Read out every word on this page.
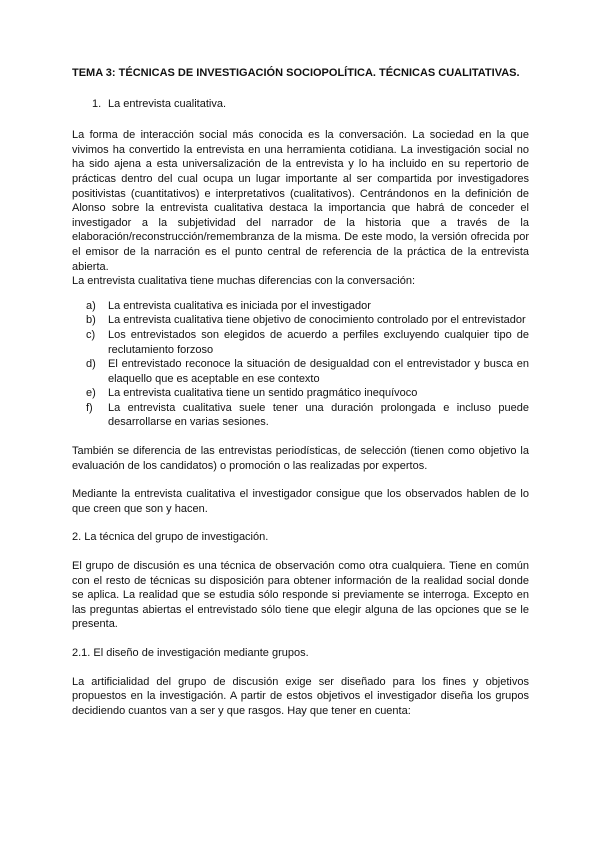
TEMA 3: TÉCNICAS DE INVESTIGACIÓN SOCIOPOLÍTICA. TÉCNICAS CUALITATIVAS.
1. La entrevista cualitativa.

La forma de interacción social más conocida es la conversación. La sociedad en la que vivimos ha convertido la entrevista en una herramienta cotidiana. La investigación social no ha sido ajena a esta universalización de la entrevista y lo ha incluido en su repertorio de prácticas dentro del cual ocupa un lugar importante al ser compartida por investigadores positivistas (cuantitativos) e interpretativos (cualitativos). Centrándonos en la definición de Alonso sobre la entrevista cualitativa destaca la importancia que habrá de conceder el investigador a la subjetividad del narrador de la historia que a través de la elaboración/reconstrucción/remembranza de la misma. De este modo, la versión ofrecida por el emisor de la narración es el punto central de referencia de la práctica de la entrevista abierta.

La entrevista cualitativa tiene muchas diferencias con la conversación:

a)	La entrevista cualitativa es iniciada por el investigador
b)	La entrevista cualitativa tiene objetivo de conocimiento controlado por el entrevistador
c)	Los entrevistados son elegidos de acuerdo a perfiles excluyendo cualquier tipo de reclutamiento forzoso
d)	El entrevistado reconoce la situación de desigualdad con el entrevistador y busca en elaquello que es aceptable en ese contexto
e)	La entrevista cualitativa tiene un sentido pragmático inequívoco
f)	La entrevista cualitativa suele tener una duración prolongada e incluso puede desarrollarse en varias sesiones.

También se diferencia de las entrevistas periodísticas, de selección (tienen como objetivo la evaluación de los candidatos) o promoción o las realizadas por expertos.

Mediante la entrevista cualitativa el investigador consigue que los observados hablen de lo que creen que son y hacen.

2. La técnica del grupo de investigación.

El grupo de discusión es una técnica de observación como otra cualquiera. Tiene en común con el resto de técnicas su disposición para obtener información de la realidad social donde se aplica. La realidad que se estudia sólo responde si previamente se interroga. Excepto en las preguntas abiertas el entrevistado sólo tiene que elegir alguna de las opciones que se le presenta.

2.1. El diseño de investigación mediante grupos.

La artificialidad del grupo de discusión exige ser diseñado para los fines y objetivos propuestos en la investigación. A partir de estos objetivos el investigador diseña los grupos decidiendo cuantos van a ser y que rasgos. Hay que tener en cuenta:
